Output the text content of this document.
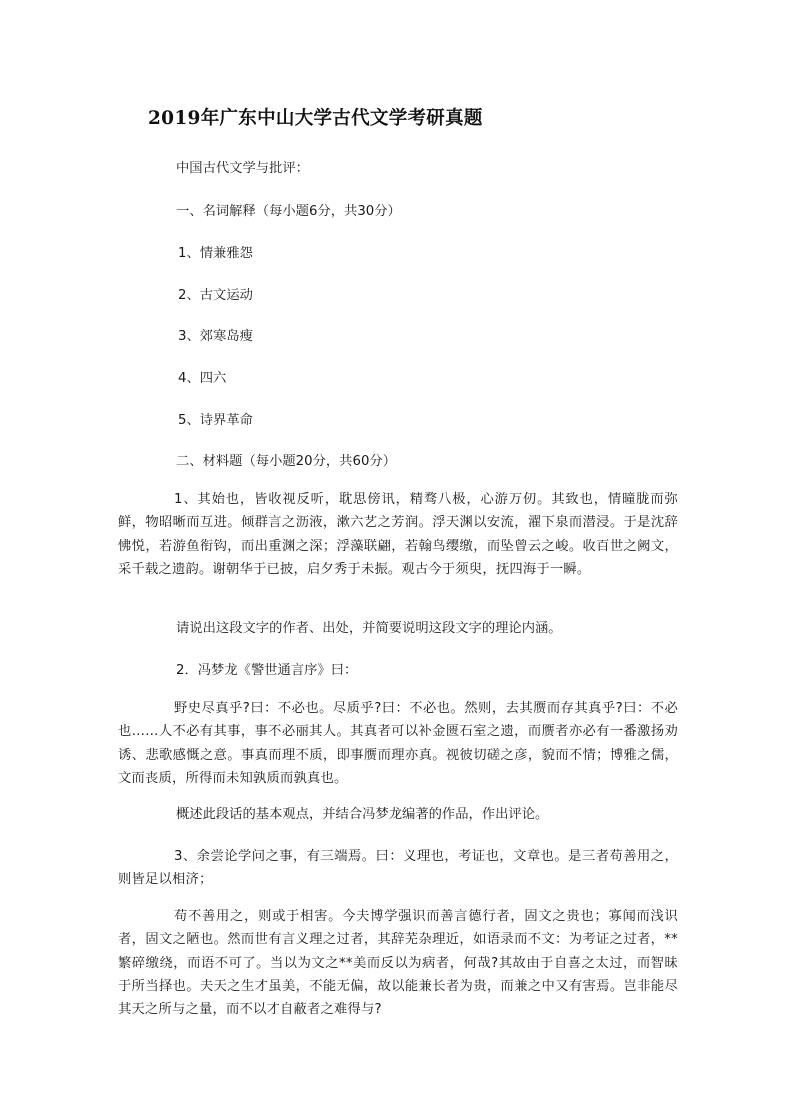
2019年广东中山大学古代文学考研真题

中国古代文学与批评：

一、名词解释（每小题6分，共30分）

1、情兼雅怨

2、古文运动

3、郊寒岛瘦

4、四六

5、诗界革命

二、材料题（每小题20分，共60分）

1、其始也，皆收视反听，耽思傍讯，精骛八极，心游万仞。其致也，情曈胧而弥鲜，物昭晰而互进。倾群言之沥液，漱六艺之芳润。浮天渊以安流，濯下泉而潜浸。于是沈辞怫悦，若游鱼衔钩，而出重渊之深；浮藻联翩，若翰鸟缨缴，而坠曾云之峻。收百世之阙文，采千载之遗韵。谢朝华于已披，启夕秀于未振。观古今于须臾，抚四海于一瞬。

请说出这段文字的作者、出处，并简要说明这段文字的理论内涵。

2．冯梦龙《警世通言序》曰：

野史尽真乎?曰：不必也。尽质乎?曰：不必也。然则，去其赝而存其真乎?曰：不必也……人不必有其事，事不必丽其人。其真者可以补金匮石室之遗，而赝者亦必有一番激扬劝诱、悲歌感慨之意。事真而理不质，即事赝而理亦真。视彼切磋之彦，貌而不情；博雅之儒，文而丧质，所得而未知孰质而孰真也。

概述此段话的基本观点，并结合冯梦龙编著的作品，作出评论。

3、余尝论学问之事，有三端焉。曰：义理也，考证也，文章也。是三者苟善用之，则皆足以相济；

苟不善用之，则或于相害。今夫博学强识而善言德行者，固文之贵也；寡闻而浅识者，固文之陋也。然而世有言义理之过者，其辞芜杂理近，如语录而不文：为考证之过者，**繁碎缴绕，而语不可了。当以为文之**美而反以为病者，何哉?其故由于自喜之太过，而智昧于所当择也。夫天之生才虽美，不能无偏，故以能兼长者为贵，而兼之中又有害焉。岂非能尽其天之所与之量，而不以才自蔽者之难得与?
